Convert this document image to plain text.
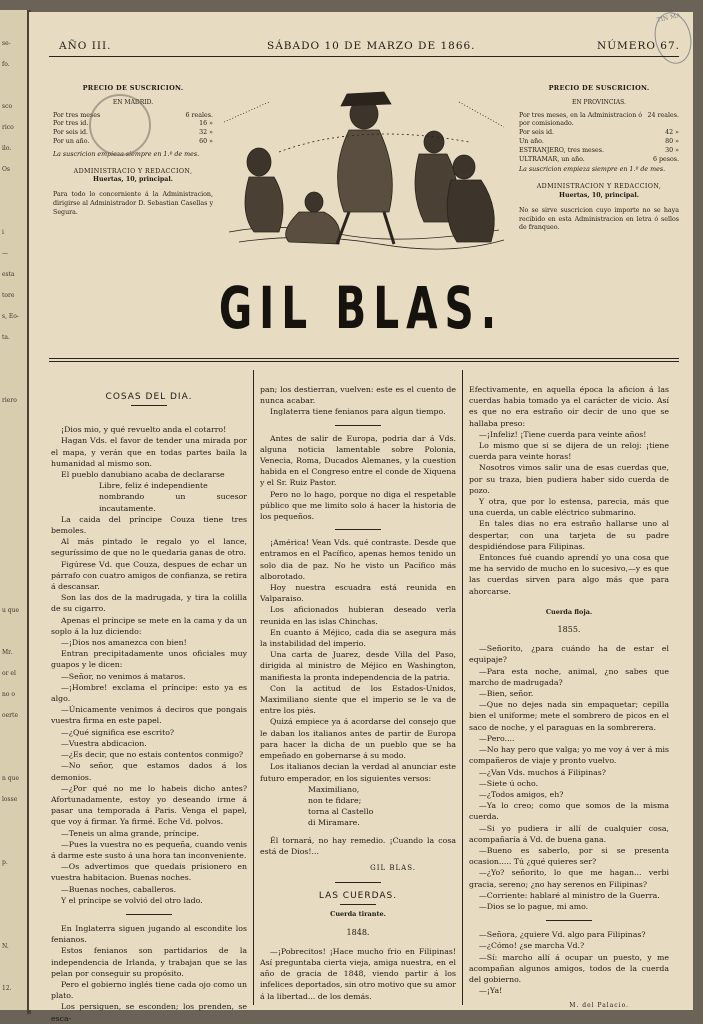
se-
fo.
sco
rico
ilo.
Os
i
—
esta
tore
s, Eo-
ta.
riero
u que
Mr.
or el
no o
oerte
n que
losse
p.
N.
12.
AÑO III.	SÁBADO 10 DE MARZO DE 1866.	NÚMERO 67.
TIN MA
PRECIO DE SUSCRICION.
EN MADRID.
Por tres meses	6 reales.
Por tres id.	16 »
Por seis id.	32 »
Por un año.	60 »
La suscricion empieza siempre en 1.º de mes.
ADMINISTRACIO Y REDACCION,
Huertas, 10, principal.
Para todo lo concerniente á la Administracion, dirigirse al Administrador D. Sebastian Casellas y Segura.
PRECIO DE SUSCRICION.
EN PROVINCIAS.
Por tres meses, en la Administracion ó por comisionado.
24 reales.
Por seis id.	42 »
Un año.	80 »
ESTRANJERO, tres meses.	30 »
ULTRAMAR, un año.	6 pesos.
La suscricion empieza siempre en 1.º de mes.
ADMINISTRACION Y REDACCION,
Huertas, 10, principal.
No se sirve suscricion cuyo importe no se haya recibido en esta Administracion en letra ó sellos de franqueo.
GIL BLAS.
COSAS DEL DIA.

¡Dios mio, y qué revuelto anda el cotarro!

Hagan Vds. el favor de tender una mirada por el mapa, y verán que en todas partes baila la humanidad al mismo son.

El pueblo danubiano acaba de declararse

Libre, feliz é independiente

nombrando un sucesor incautamente.

La caida del príncipe Couza tiene tres bemoles.

Al más pintado le regalo yo el lance, seguríssimo de que no le quedaria ganas de otro.

Figúrese Vd. que Couza, despues de echar un párrafo con cuatro amigos de confianza, se retira á descansar.

Son las dos de la madrugada, y tira la colilla de su cigarro.

Apenas el príncipe se mete en la cama y da un soplo á la luz diciendo:

—¡Dios nos amanezca con bien!

Entran precipitadamente unos oficiales muy guapos y le dicen:

—Señor, no venimos á mataros.

—¡Hombre! exclama el príncipe: esto ya es algo.

—Únicamente venimos á deciros que pongais vuestra firma en este papel.

—¿Qué significa ese escrito?

—Vuestra abdicacion.

—¿Es decir, que no estais contentos conmigo?

—No señor, que estamos dados á los demonios.

—¿Por qué no me lo habeis dicho antes? Afortunadamente, estoy yo deseando irme á pasar una temporada á Paris. Venga el papel, que voy á firmar. Ya firmé. Eche Vd. polvos.

—Teneis un alma grande, príncipe.

—Pues la vuestra no es pequeña, cuando venis á darme este susto á una hora tan inconveniente.

—Os advertimos que quedais prisionero en vuestra habitacion. Buenas noches.

—Buenas noches, caballeros.

Y el príncipe se volvió del otro lado.

En Inglaterra siguen jugando al escondite los fenianos.

Estos fenianos son partidarios de la independencia de Irlanda, y trabajan que se las pelan por conseguir su propósito.

Pero el gobierno inglés tiene cada ojo como un plato.

Los persiguen, se esconden; los prenden, se esca-

pan; los destierran, vuelven: este es el cuento de nunca acabar.

Inglaterra tiene fenianos para algun tiempo.

Antes de salir de Europa, podria dar á Vds. alguna noticia lamentable sobre Polonia, Venecia, Roma, Ducados Alemanes, y la cuestion habida en el Congreso entre el conde de Xiquena y el Sr. Ruiz Pastor.

Pero no lo hago, porque no diga el respetable público que me limito solo á hacer la historia de los pequeños.

¡América! Vean Vds. qué contraste. Desde que entramos en el Pacífico, apenas hemos tenido un solo dia de paz. No he visto un Pacífico más alborotado.

Hoy nuestra escuadra está reunida en Valparaiso.

Los aficionados hubieran deseado verla reunida en las islas Chinchas.

En cuanto á Méjico, cada dia se asegura más la instabilidad del imperio.

Una carta de Juarez, desde Villa del Paso, dirigida al ministro de Méjico en Washington, manifiesta la pronta independencia de la patria.

Con la actitud de los Estados-Unidos, Maximiliano siente que el imperio se le va de entre los piés.

Quizá empiece ya á acordarse del consejo que le daban los italianos antes de partir de Europa para hacer la dicha de un pueblo que se ha empeñado en gobernarse á su modo.

Los italianos decian la verdad al anunciar este futuro emperador, en los siguientes versos:

Maximiliano,

non te fidare;

torna al Castello

di Miramare.

Él tornará, no hay remedio. ¡Cuando la cosa está de Dios!...

GIL BLAS.

LAS CUERDAS.

Cuerda tirante.

1848.

—¡Pobrecitos! ¡Hace mucho frio en Filipinas! Así preguntaba cierta vieja, amiga nuestra, en el año de gracia de 1848, viendo partir á los infelices deportados, sin otro motivo que su amor á la libertad... de los demás.

Efectivamente, en aquella época la aficion á las cuerdas habia tomado ya el carácter de vicio. Así es que no era estraño oir decir de uno que se hallaba preso:

—¡Infeliz! ¡Tiene cuerda para veinte años!

Lo mismo que si se dijera de un reloj: ¡tiene cuerda para veinte horas!

Nosotros vimos salir una de esas cuerdas que, por su traza, bien pudiera haber sido cuerda de pozo.

Y otra, que por lo estensa, parecia, más que una cuerda, un cable eléctrico submarino.

En tales dias no era estraño hallarse uno al despertar, con una tarjeta de su padre despidiéndose para Filipinas.

Entonces fué cuando aprendí yo una cosa que me ha servido de mucho en lo sucesivo,—y es que las cuerdas sirven para algo más que para ahorcarse.

Cuerda floja.

1855.

—Señorito, ¿para cuándo ha de estar el equipaje?

—Para esta noche, animal, ¿no sabes que marcho de madrugada?

—Bien, señor.

—Que no dejes nada sin empaquetar; cepilla bien el uniforme; mete el sombrero de picos en el saco de noche, y el paraguas en la sombrerera.

—Pero....

—No hay pero que valga; yo me voy á ver á mis compañeros de viaje y pronto vuelvo.

—¿Van Vds. muchos á Filipinas?

—Siete ú ocho.

—¿Todos amigos, eh?

—Ya lo creo; como que somos de la misma cuerda.

—Si yo pudiera ir allí de cualquier cosa, acompañaría á Vd. de buena gana.

—Bueno es saberlo, por si se presenta ocasion..... Tú ¿qué quieres ser?

—¿Yo? señorito, lo que me hagan... verbi gracia, sereno; ¿no hay serenos en Filipinas?

—Corriente: hablaré al ministro de la Guerra.

—Dios se lo pague, mi amo.

—Señora, ¿quiere Vd. algo para Filipinas?

—¿Cómo! ¿se marcha Vd.?

—Sí: marcho allí á ocupar un puesto, y me acompañan algunos amigos, todos de la cuerda del gobierno.

—¡Ya!

M. del Palacio.
